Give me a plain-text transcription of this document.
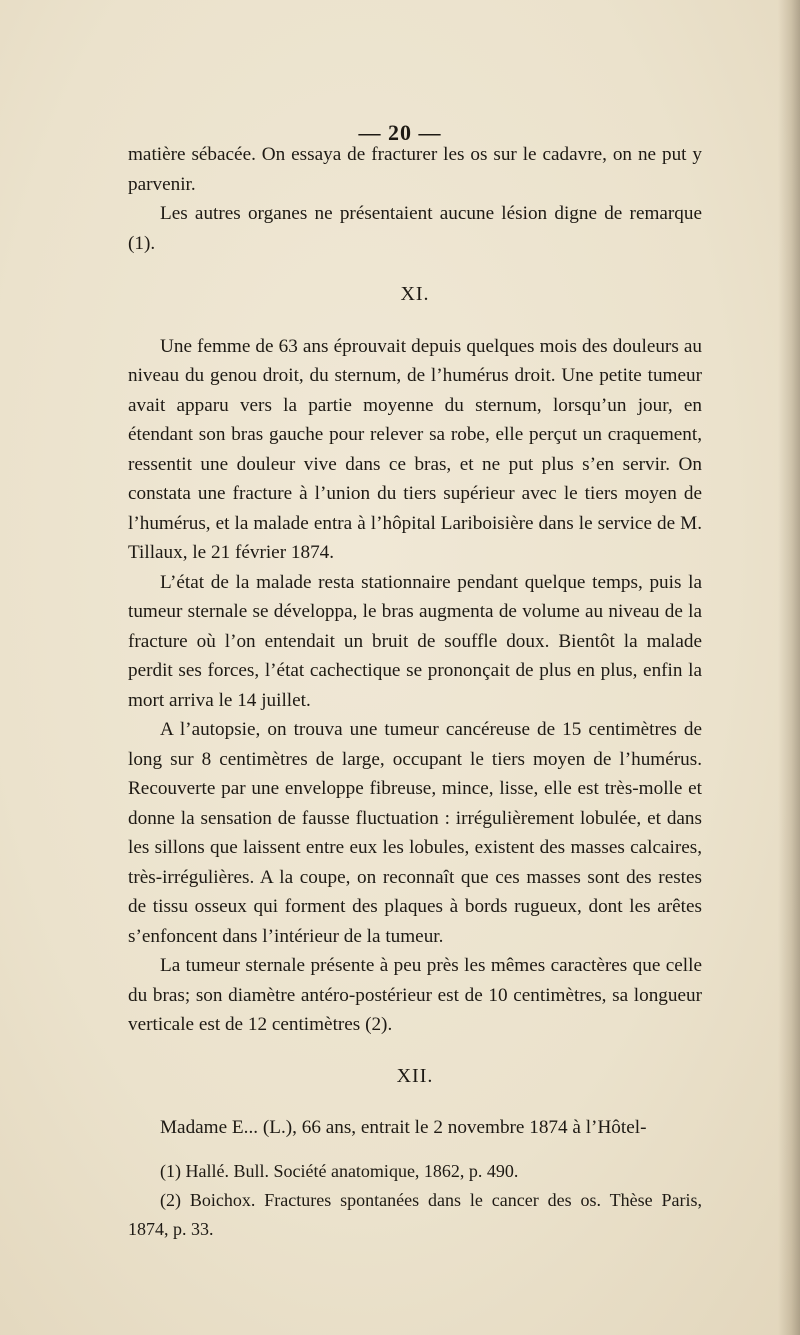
— 20 —

matière sébacée. On essaya de fracturer les os sur le cadavre, on ne put y parvenir.

Les autres organes ne présentaient aucune lésion digne de remarque (1).

XI.

Une femme de 63 ans éprouvait depuis quelques mois des douleurs au niveau du genou droit, du sternum, de l’humérus droit. Une petite tumeur avait apparu vers la partie moyenne du sternum, lorsqu’un jour, en étendant son bras gauche pour relever sa robe, elle perçut un craquement, ressentit une douleur vive dans ce bras, et ne put plus s’en servir. On constata une fracture à l’union du tiers supérieur avec le tiers moyen de l’humérus, et la malade entra à l’hôpital Lariboisière dans le service de M. Tillaux, le 21 février 1874.

L’état de la malade resta stationnaire pendant quelque temps, puis la tumeur sternale se développa, le bras augmenta de volume au niveau de la fracture où l’on entendait un bruit de souffle doux. Bientôt la malade perdit ses forces, l’état cachectique se prononçait de plus en plus, enfin la mort arriva le 14 juillet.

A l’autopsie, on trouva une tumeur cancéreuse de 15 centimètres de long sur 8 centimètres de large, occupant le tiers moyen de l’humérus. Recouverte par une enveloppe fibreuse, mince, lisse, elle est très-molle et donne la sensation de fausse fluctuation : irrégulièrement lobulée, et dans les sillons que laissent entre eux les lobules, existent des masses calcaires, très-irrégulières. A la coupe, on reconnaît que ces masses sont des restes de tissu osseux qui forment des plaques à bords rugueux, dont les arêtes s’enfoncent dans l’intérieur de la tumeur.

La tumeur sternale présente à peu près les mêmes caractères que celle du bras; son diamètre antéro-postérieur est de 10 centimètres, sa longueur verticale est de 12 centimètres (2).

XII.

Madame E... (L.), 66 ans, entrait le 2 novembre 1874 à l’Hôtel-

(1) Hallé. Bull. Société anatomique, 1862, p. 490.

(2) Boichox. Fractures spontanées dans le cancer des os. Thèse Paris, 1874, p. 33.
